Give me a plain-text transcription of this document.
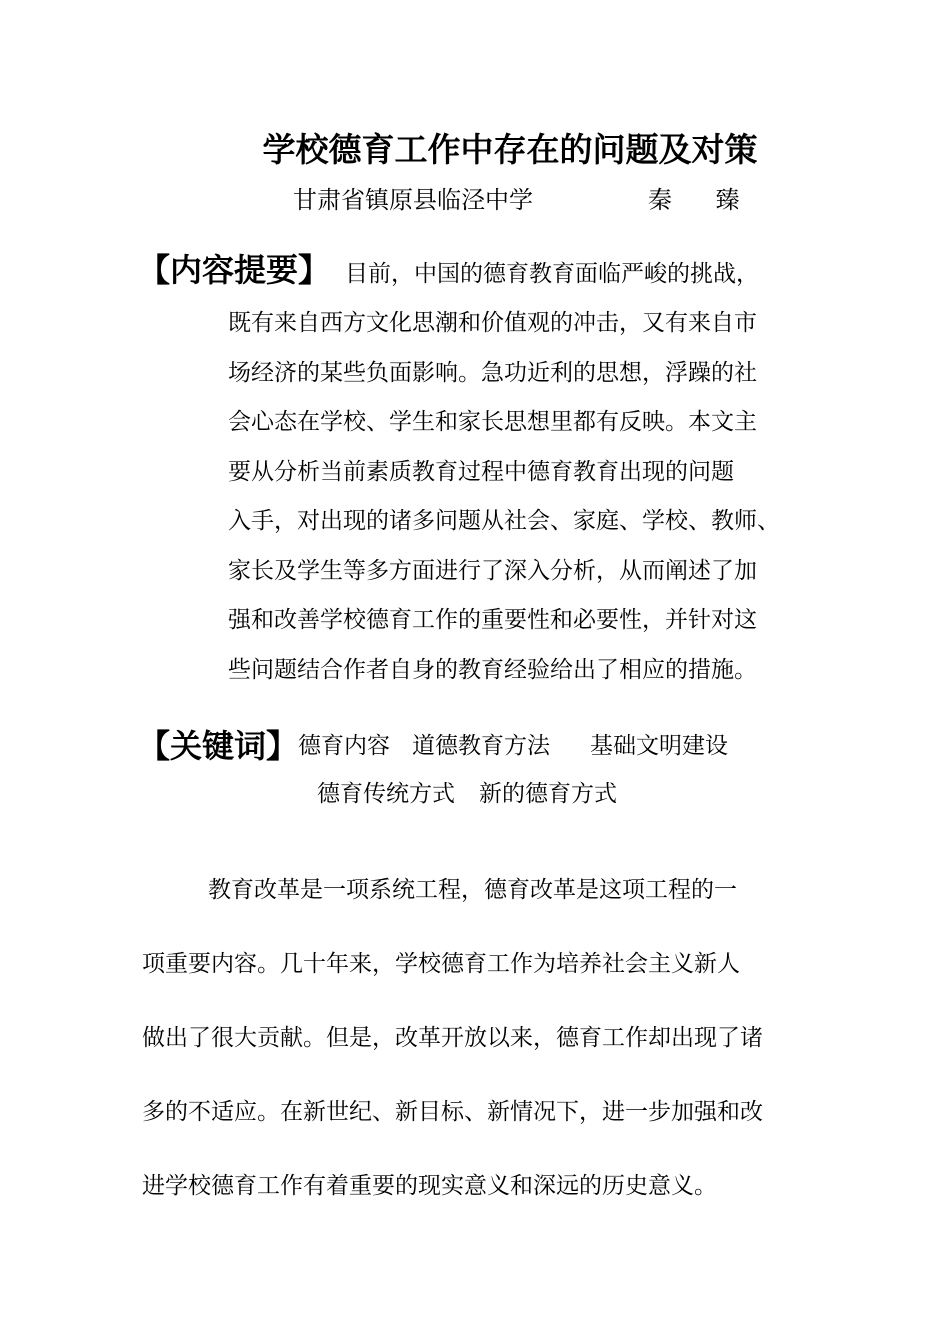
学校德育工作中存在的问题及对策
甘肃省镇原县临泾中学	秦 臻
【内容提要】 目前，中国的德育教育面临严峻的挑战，
既有来自西方文化思潮和价值观的冲击，又有来自市
场经济的某些负面影响。急功近利的思想，浮躁的社
会心态在学校、学生和家长思想里都有反映。本文主
要从分析当前素质教育过程中德育教育出现的问题
入手，对出现的诸多问题从社会、家庭、学校、教师、
家长及学生等多方面进行了深入分析，从而阐述了加
强和改善学校德育工作的重要性和必要性，并针对这
些问题结合作者自身的教育经验给出了相应的措施。
【关键词】 德育内容 道德教育方法 基础文明建设
德育传统方式 新的德育方式
教育改革是一项系统工程，德育改革是这项工程的一
项重要内容。几十年来，学校德育工作为培养社会主义新人
做出了很大贡献。但是，改革开放以来，德育工作却出现了诸
多的不适应。在新世纪、新目标、新情况下，进一步加强和改
进学校德育工作有着重要的现实意义和深远的历史意义。
